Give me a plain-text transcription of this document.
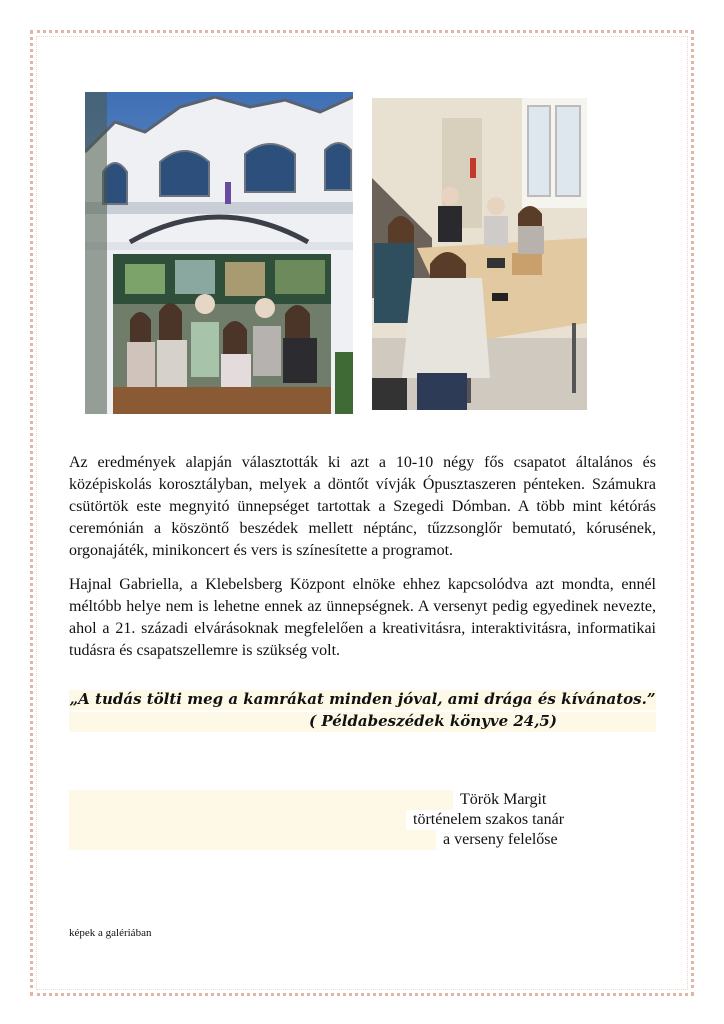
Az eredmények alapján választották ki azt a 10-10 négy fős csapatot általános és középiskolás korosztályban, melyek a döntőt vívják Ópusztaszeren pénteken. Számukra csütörtök este megnyitó ünnepséget tartottak a Szegedi Dómban. A több mint kétórás ceremónián a köszöntő beszédek mellett néptánc, tűzzsonglőr bemutató, kórusének, orgonajáték, minikoncert és vers is színesítette a programot.

Hajnal Gabriella, a Klebelsberg Központ elnöke ehhez kapcsolódva azt mondta, ennél méltóbb helye nem is lehetne ennek az ünnepségnek. A versenyt pedig egyedinek nevezte, ahol a 21. századi elvárásoknak megfelelően a kreativitásra, interaktivitásra, informatikai tudásra és csapatszellemre is szükség volt.

„A tudás tölti meg a kamrákat minden jóval, ami drága és kívánatos.”

( Példabeszédek könyve 24,5)

Török Margit

történelem szakos tanár

a verseny felelőse

képek a galériában
